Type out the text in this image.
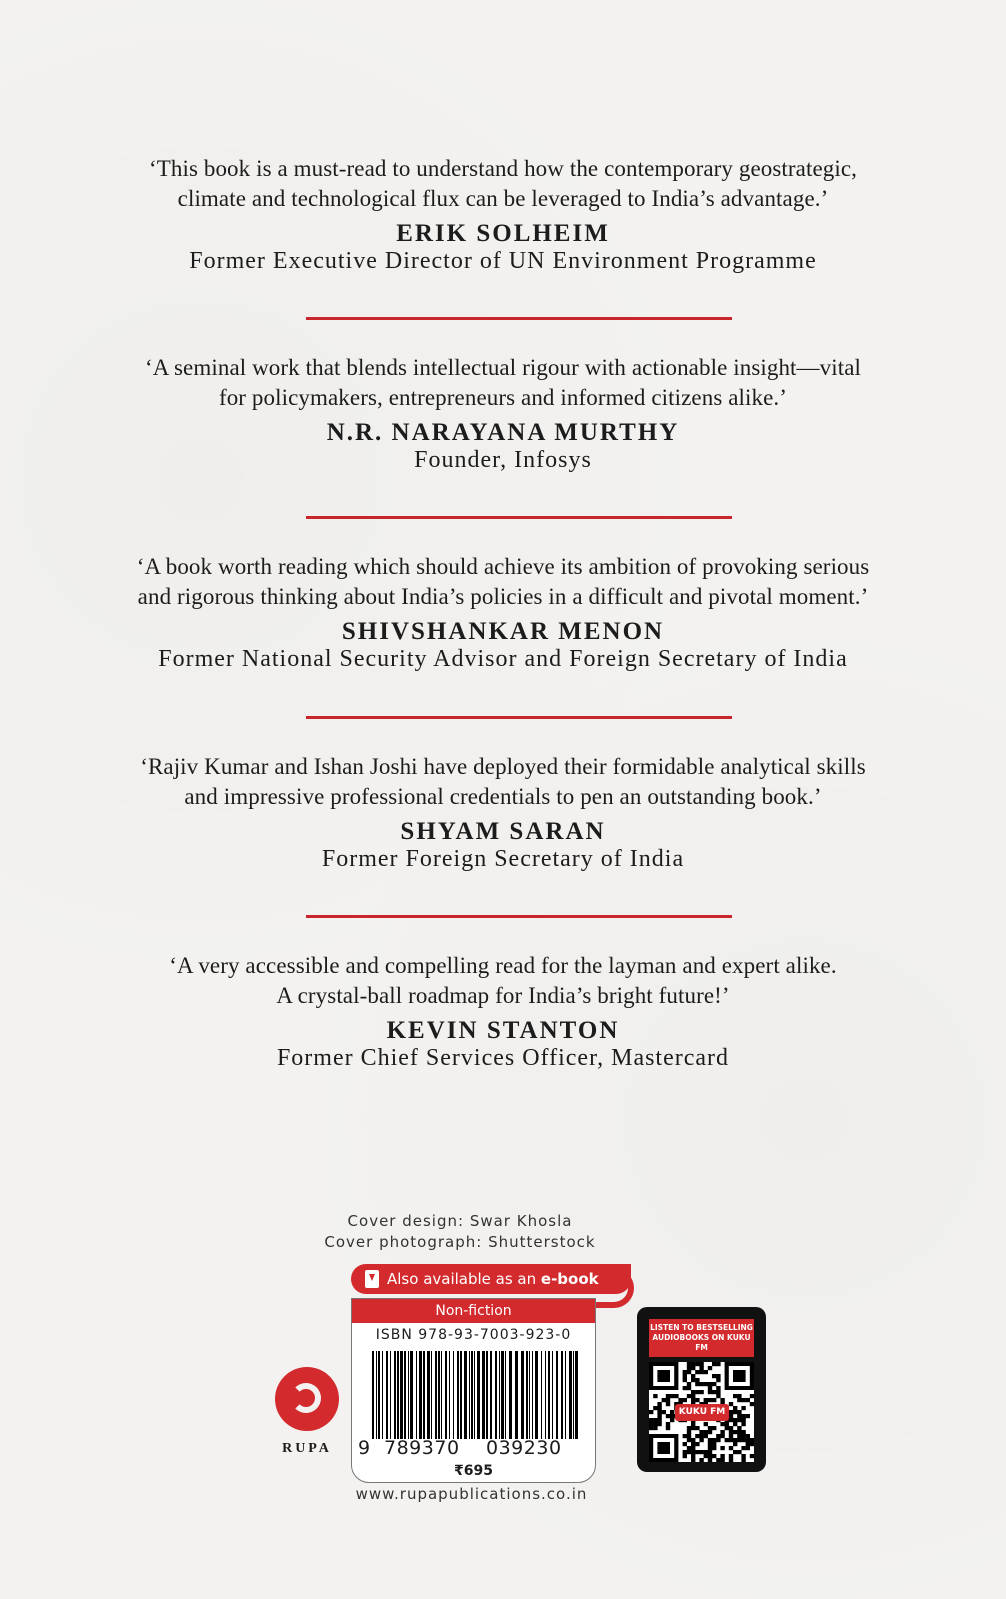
‘This book is a must-read to understand how the contemporary geostrategic,
climate and technological flux can be leveraged to India’s advantage.’

ERIK SOLHEIM
Former Executive Director of UN Environment Programme

‘A seminal work that blends intellectual rigour with actionable insight—vital
for policymakers, entrepreneurs and informed citizens alike.’

N.R. NARAYANA MURTHY
Founder, Infosys

‘A book worth reading which should achieve its ambition of provoking serious
and rigorous thinking about India’s policies in a difficult and pivotal moment.’

SHIVSHANKAR MENON
Former National Security Advisor and Foreign Secretary of India

‘Rajiv Kumar and Ishan Joshi have deployed their formidable analytical skills
and impressive professional credentials to pen an outstanding book.’

SHYAM SARAN
Former Foreign Secretary of India

‘A very accessible and compelling read for the layman and expert alike.
A crystal-ball roadmap for India’s bright future!’

KEVIN STANTON
Former Chief Services Officer, Mastercard
Cover design: Swar Khosla
Cover photograph: Shutterstock
Also available as an e-book
Non-fiction
ISBN 978-93-7003-923-0
9 789370 039230
₹695
www.rupapublications.co.in
RUPA
LISTEN TO BESTSELLING AUDIOBOOKS ON KUKU FM
KUKU FM
